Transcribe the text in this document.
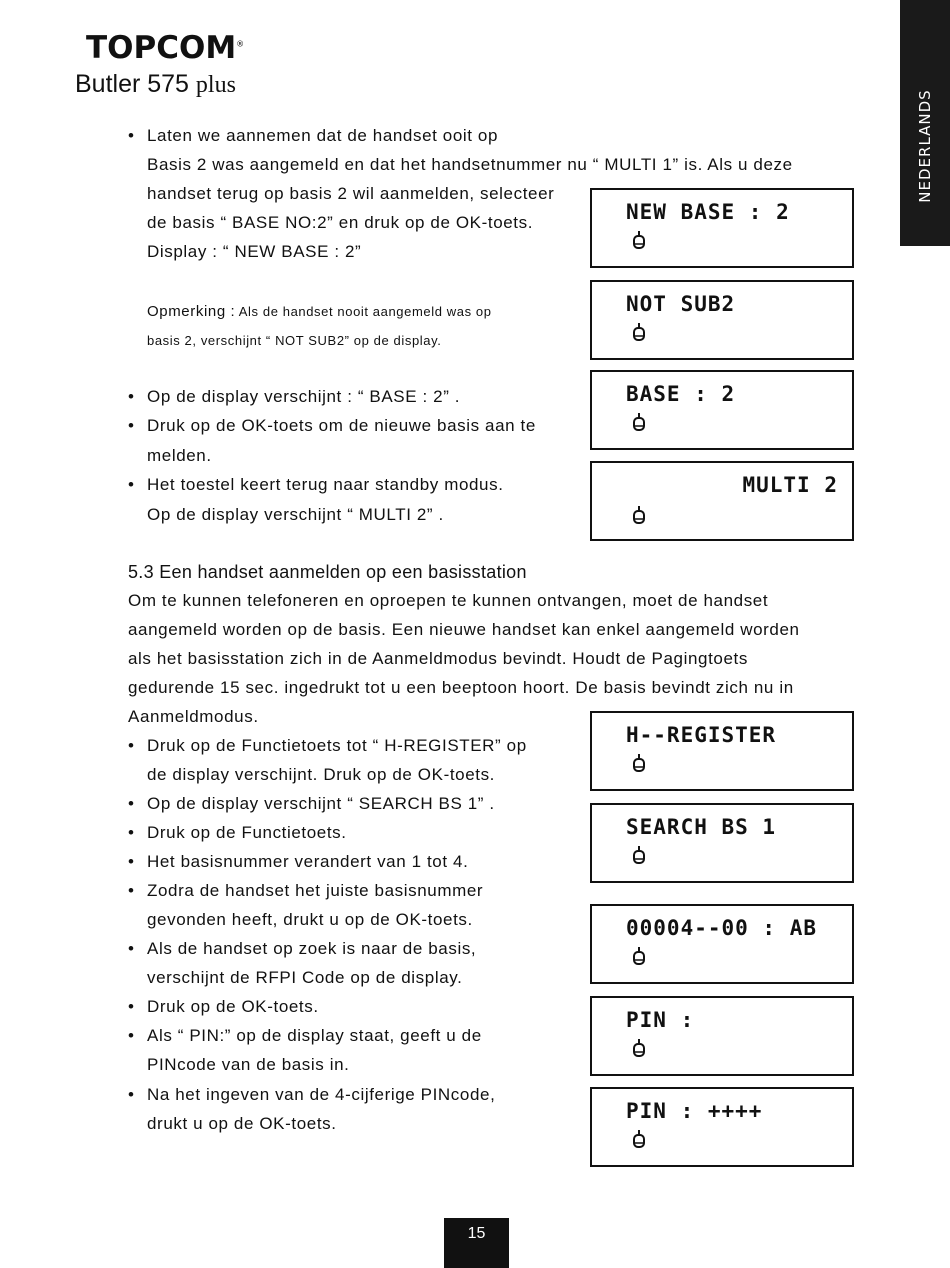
TOPCOM®
Butler 575 plus
NEDERLANDS
• Laten we aannemen dat de handset ooit op
Basis 2 was aangemeld en dat het handsetnummer nu “ MULTI 1” is. Als u deze
handset terug op basis 2 wil aanmelden, selecteer
de basis “ BASE NO:2” en druk op de OK-toets.
Display : “ NEW BASE : 2”
Opmerking : Als de handset nooit aangemeld was op
basis 2, verschijnt “ NOT SUB2” op de display.
• Op de display verschijnt : “ BASE : 2” .
• Druk op de OK-toets om de nieuwe basis aan te
melden.
• Het toestel keert terug naar standby modus.
Op de display verschijnt “ MULTI 2” .
5.3 Een handset aanmelden op een basisstation
Om te kunnen telefoneren en oproepen te kunnen ontvangen, moet de handset
aangemeld worden op de basis. Een nieuwe handset kan enkel aangemeld worden
als het basisstation zich in de Aanmeldmodus bevindt. Houdt de Pagingtoets
gedurende 15 sec. ingedrukt tot u een beeptoon hoort. De basis bevindt zich nu in
Aanmeldmodus.
• Druk op de Functietoets tot “ H-REGISTER” op
de display verschijnt. Druk op de OK-toets.
• Op de display verschijnt “ SEARCH BS 1” .
• Druk op de Functietoets.
• Het basisnummer verandert van 1 tot 4.
• Zodra de handset het juiste basisnummer
gevonden heeft, drukt u op de OK-toets.
• Als de handset op zoek is naar de basis,
verschijnt de RFPI Code op de display.
• Druk op de OK-toets.
• Als “ PIN:” op de display staat, geeft u de
PINcode van de basis in.
• Na het ingeven van de 4-cijferige PINcode,
drukt u op de OK-toets.
NEW BASE : 2
NOT SUB2
BASE : 2
MULTI 2
H--REGISTER
SEARCH BS 1
00004--00 : AB
PIN :
PIN : ++++
15
